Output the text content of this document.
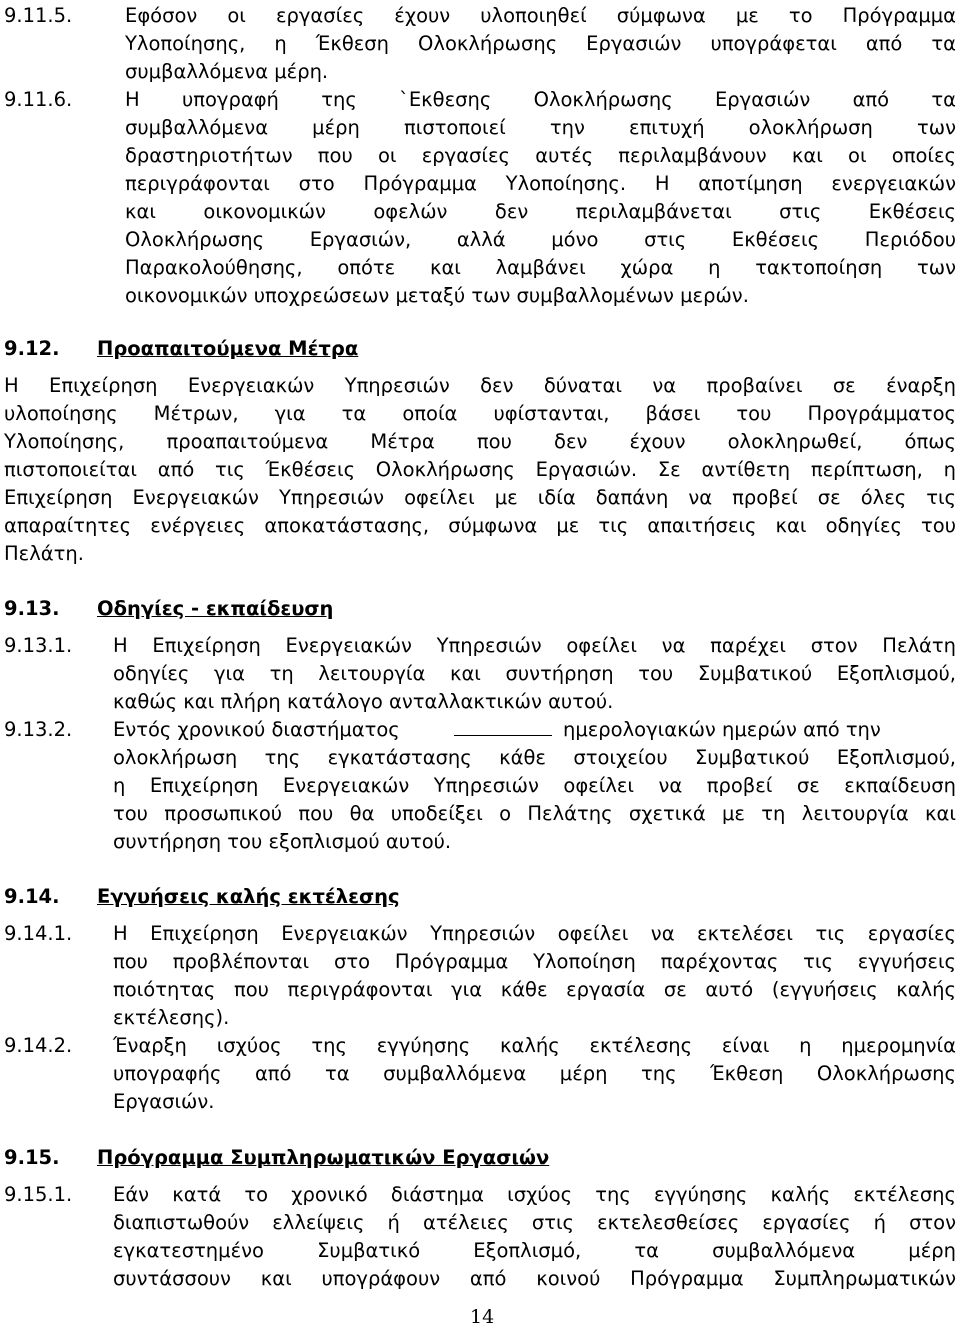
9.11.5.	Εφόσον οι εργασίες έχουν υλοποιηθεί σύμφωνα με το Πρόγραμμα
Υλοποίησης, η Έκθεση Ολοκλήρωσης Εργασιών υπογράφεται από τα
συμβαλλόμενα μέρη.
9.11.6.	Η υπογραφή της `Εκθεσης Ολοκλήρωσης Εργασιών από τα
συμβαλλόμενα μέρη πιστοποιεί την επιτυχή ολοκλήρωση των
δραστηριοτήτων που οι εργασίες αυτές περιλαμβάνουν και οι οποίες
περιγράφονται στο Πρόγραμμα Υλοποίησης. Η αποτίμηση ενεργειακών
και οικονομικών οφελών δεν περιλαμβάνεται στις Εκθέσεις
Ολοκλήρωσης Εργασιών, αλλά μόνο στις Εκθέσεις Περιόδου
Παρακολούθησης, οπότε και λαμβάνει χώρα η τακτοποίηση των
οικονομικών υποχρεώσεων μεταξύ των συμβαλλομένων μερών.
9.12. Προαπαιτούμενα Μέτρα
Η Επιχείρηση Ενεργειακών Υπηρεσιών δεν δύναται να προβαίνει σε έναρξη
υλοποίησης Μέτρων, για τα οποία υφίστανται, βάσει του Προγράμματος
Υλοποίησης, προαπαιτούμενα Μέτρα που δεν έχουν ολοκληρωθεί, όπως
πιστοποιείται από τις Έκθέσεις Ολοκλήρωσης Εργασιών. Σε αντίθετη περίπτωση, η
Επιχείρηση Ενεργειακών Υπηρεσιών οφείλει με ιδία δαπάνη να προβεί σε όλες τις
απαραίτητες ενέργειες αποκατάστασης, σύμφωνα με τις απαιτήσεις και οδηγίες του
Πελάτη.
9.13. Οδηγίες - εκπαίδευση
9.13.1. Η Επιχείρηση Ενεργειακών Υπηρεσιών οφείλει να παρέχει στον Πελάτη
οδηγίες για τη λειτουργία και συντήρηση του Συμβατικού Εξοπλισμού,
καθώς και πλήρη κατάλογο ανταλλακτικών αυτού.
9.13.2. Εντός χρονικού διαστήματος	ημερολογιακών ημερών από την
ολοκλήρωση της εγκατάστασης κάθε στοιχείου Συμβατικού Εξοπλισμού,
η Επιχείρηση Ενεργειακών Υπηρεσιών οφείλει να προβεί σε εκπαίδευση
του προσωπικού που θα υποδείξει ο Πελάτης σχετικά με τη λειτουργία και
συντήρηση του εξοπλισμού αυτού.
9.14. Εγγυήσεις καλής εκτέλεσης
9.14.1. Η Επιχείρηση Ενεργειακών Υπηρεσιών οφείλει να εκτελέσει τις εργασίες
που προβλέπονται στο Πρόγραμμα Υλοποίηση παρέχοντας τις εγγυήσεις
ποιότητας που περιγράφονται για κάθε εργασία σε αυτό (εγγυήσεις καλής
εκτέλεσης).
9.14.2. Έναρξη ισχύος της εγγύησης καλής εκτέλεσης είναι η ημερομηνία
υπογραφής από τα συμβαλλόμενα μέρη της Έκθεση Ολοκλήρωσης
Εργασιών.
9.15. Πρόγραμμα Συμπληρωματικών Εργασιών
9.15.1. Εάν κατά το χρονικό διάστημα ισχύος της εγγύησης καλής εκτέλεσης
διαπιστωθούν ελλείψεις ή ατέλειες στις εκτελεσθείσες εργασίες ή στον
εγκατεστημένο Συμβατικό Εξοπλισμό, τα συμβαλλόμενα μέρη
συντάσσουν και υπογράφουν από κοινού Πρόγραμμα Συμπληρωματικών
14
